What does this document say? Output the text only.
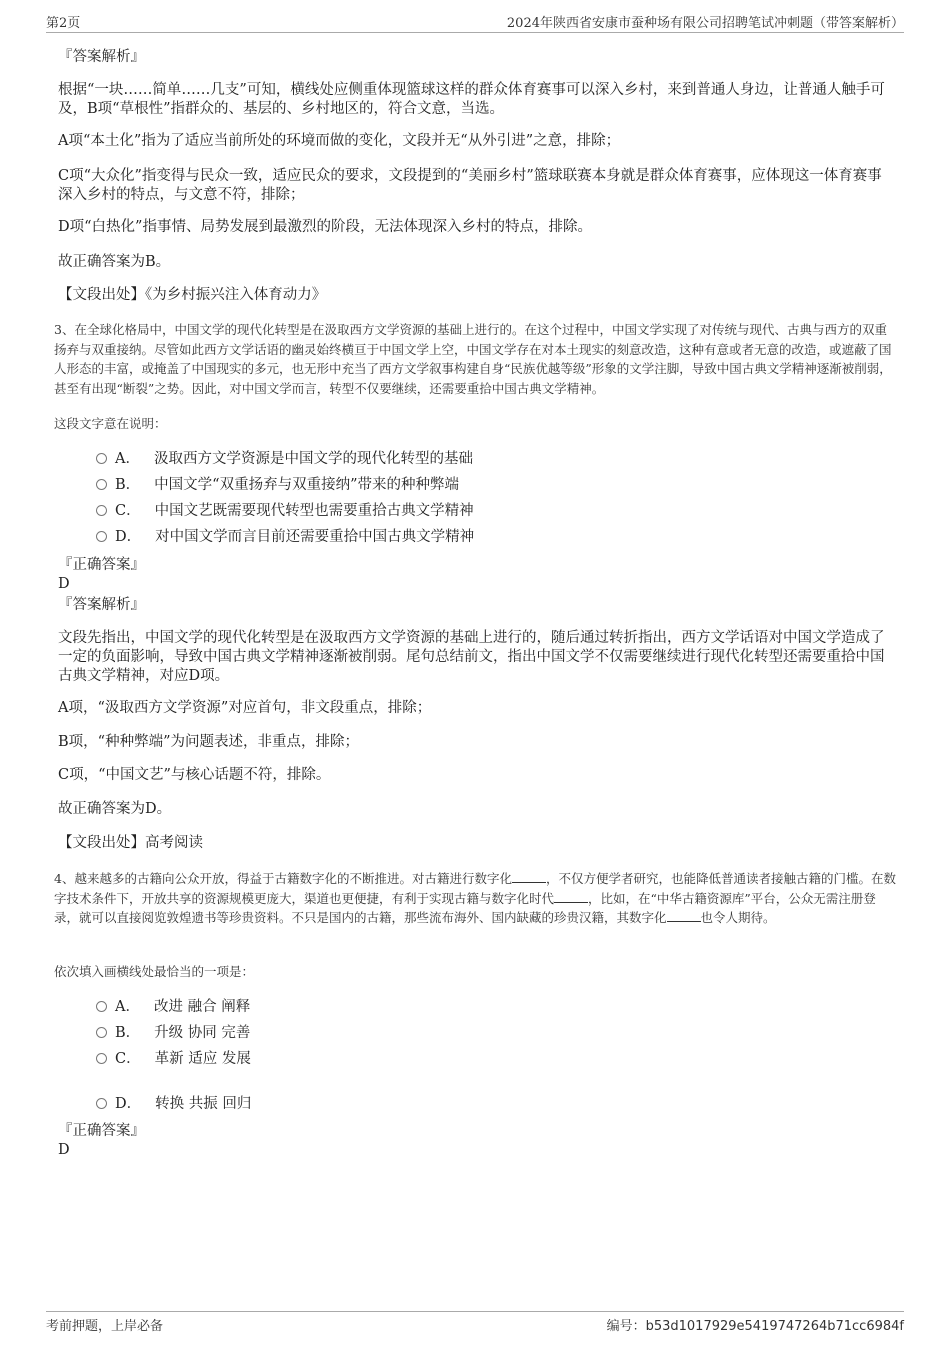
第2页	2024年陕西省安康市蚕种场有限公司招聘笔试冲刺题（带答案解析）
『答案解析』
根据“一块……简单……几支”可知，横线处应侧重体现篮球这样的群众体育赛事可以深入乡村，来到普通人身边，让普通人触手可及，B项“草根性”指群众的、基层的、乡村地区的，符合文意，当选。
A项“本土化”指为了适应当前所处的环境而做的变化，文段并无“从外引进”之意，排除；
C项“大众化”指变得与民众一致，适应民众的要求，文段提到的“美丽乡村”篮球联赛本身就是群众体育赛事，应体现这一体育赛事深入乡村的特点，与文意不符，排除；
D项“白热化”指事情、局势发展到最激烈的阶段，无法体现深入乡村的特点，排除。
故正确答案为B。
【文段出处】《为乡村振兴注入体育动力》
3、在全球化格局中，中国文学的现代化转型是在汲取西方文学资源的基础上进行的。在这个过程中，中国文学实现了对传统与现代、古典与西方的双重扬弃与双重接纳。尽管如此西方文学话语的幽灵始终横亘于中国文学上空，中国文学存在对本土现实的刻意改造，这种有意或者无意的改造，或遮蔽了国人形态的丰富，或掩盖了中国现实的多元，也无形中充当了西方文学叙事构建自身“民族优越等级”形象的文学注脚，导致中国古典文学精神逐渐被削弱，甚至有出现“断裂”之势。因此，对中国文学而言，转型不仅要继续，还需要重拾中国古典文学精神。
这段文字意在说明：
A． 汲取西方文学资源是中国文学的现代化转型的基础
B． 中国文学“双重扬弃与双重接纳”带来的种种弊端
C． 中国文艺既需要现代转型也需要重拾古典文学精神
D． 对中国文学而言目前还需要重拾中国古典文学精神
『正确答案』
D
『答案解析』
文段先指出，中国文学的现代化转型是在汲取西方文学资源的基础上进行的，随后通过转折指出，西方文学话语对中国文学造成了一定的负面影响，导致中国古典文学精神逐渐被削弱。尾句总结前文，指出中国文学不仅需要继续进行现代化转型还需要重拾中国古典文学精神，对应D项。
A项，“汲取西方文学资源”对应首句，非文段重点，排除；
B项，“种种弊端”为问题表述，非重点，排除；
C项，“中国文艺”与核心话题不符，排除。
故正确答案为D。
【文段出处】高考阅读
4、越来越多的古籍向公众开放，得益于古籍数字化的不断推进。对古籍进行数字化	，不仅方便学者研究，也能降低普通读者接触古籍的门槛。在数字技术条件下，开放共享的资源规模更庞大，渠道也更便捷，有利于实现古籍与数字化时代	，比如，在“中华古籍资源库”平台，公众无需注册登录，就可以直接阅览敦煌遗书等珍贵资料。不只是国内的古籍，那些流布海外、国内缺藏的珍贵汉籍，其数字化	也令人期待。
依次填入画横线处最恰当的一项是：
A． 改进 融合 阐释
B． 升级 协同 完善
C． 革新 适应 发展
D． 转换 共振 回归
『正确答案』
D
考前押题，上岸必备	编号：b53d1017929e5419747264b71cc6984f
